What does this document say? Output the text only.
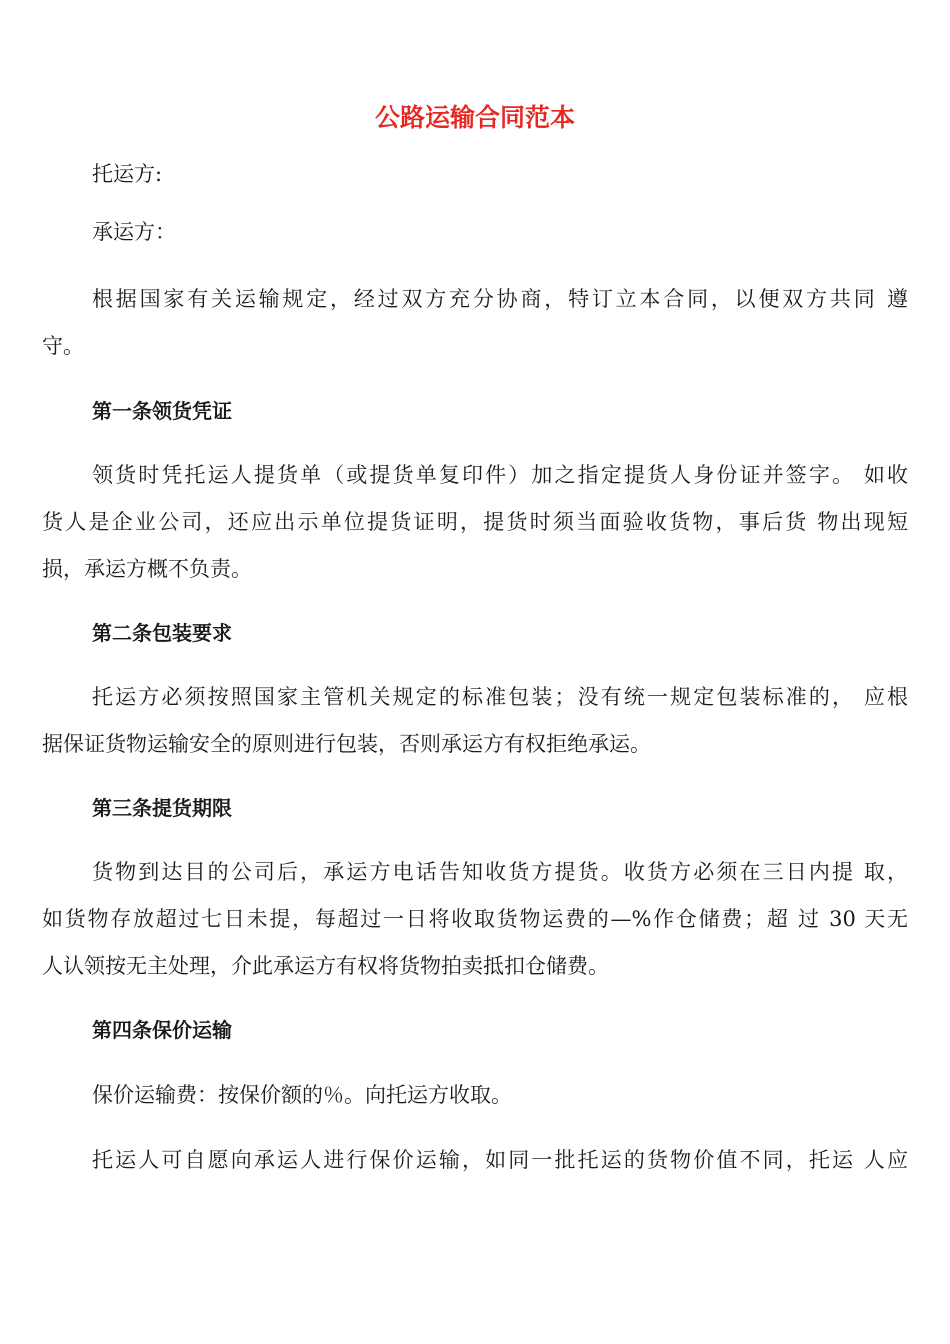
公路运输合同范本

托运方:

承运方：

根据国家有关运输规定，经过双方充分协商，特订立本合同，以便双方共同 遵

守。

第一条领货凭证

领货时凭托运人提货单（或提货单复印件）加之指定提货人身份证并签字。 如收

货人是企业公司，还应出示单位提货证明，提货时须当面验收货物，事后货 物出现短

损，承运方概不负责。

第二条包装要求

托运方必须按照国家主管机关规定的标准包装；没有统一规定包装标准的， 应根

据保证货物运输安全的原则进行包装，否则承运方有权拒绝承运。

第三条提货期限

货物到达目的公司后，承运方电话告知收货方提货。收货方必须在三日内提 取，

如货物存放超过七日未提，每超过一日将收取货物运费的—%作仓储费；超 过 30 天无

人认领按无主处理，介此承运方有权将货物拍卖抵扣仓储费。

第四条保价运输

保价运输费：按保价额的％。向托运方收取。

托运人可自愿向承运人进行保价运输，如同一批托运的货物价值不同，托运 人应
